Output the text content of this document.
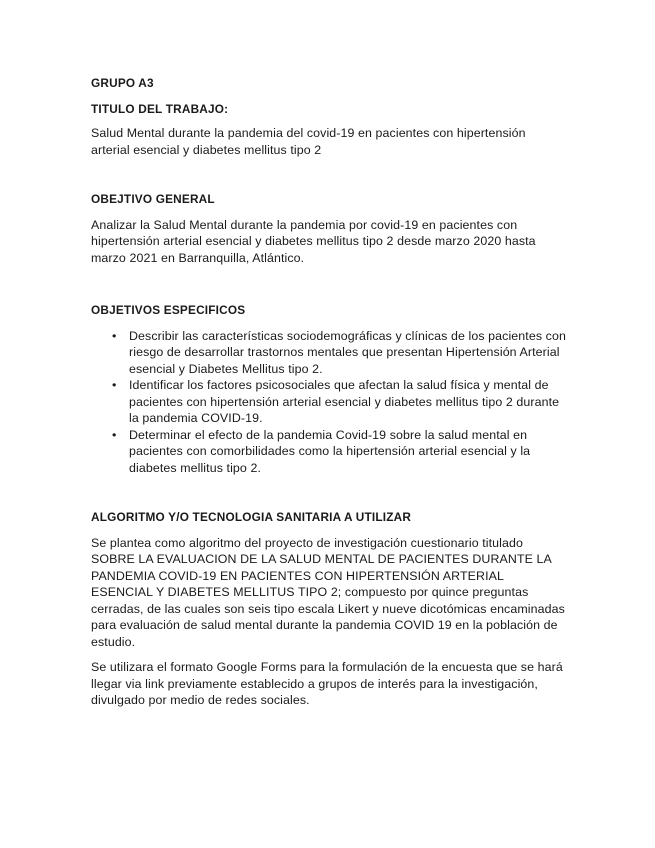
GRUPO A3

TITULO DEL TRABAJO:

Salud Mental durante la pandemia del covid-19 en pacientes con hipertensión arterial esencial y diabetes mellitus tipo 2

OBEJTIVO GENERAL

Analizar la Salud Mental durante la pandemia por covid-19 en pacientes con hipertensión arterial esencial y diabetes mellitus tipo 2 desde marzo 2020 hasta marzo 2021 en Barranquilla, Atlántico.

OBJETIVOS ESPECIFICOS

• Describir las características sociodemográficas y clínicas de los pacientes con riesgo de desarrollar trastornos mentales que presentan Hipertensión Arterial esencial y Diabetes Mellitus tipo 2.
• Identificar los factores psicosociales que afectan la salud física y mental de pacientes con hipertensión arterial esencial y diabetes mellitus tipo 2 durante la pandemia COVID-19.
• Determinar el efecto de la pandemia Covid-19 sobre la salud mental en pacientes con comorbilidades como la hipertensión arterial esencial y la diabetes mellitus tipo 2.

ALGORITMO Y/O TECNOLOGIA SANITARIA A UTILIZAR

Se plantea como algoritmo del proyecto de investigación cuestionario titulado SOBRE LA EVALUACION DE LA SALUD MENTAL DE PACIENTES DURANTE LA PANDEMIA COVID-19 EN PACIENTES CON HIPERTENSIÓN ARTERIAL ESENCIAL Y DIABETES MELLITUS TIPO 2; compuesto por quince preguntas cerradas, de las cuales son seis tipo escala Likert y nueve dicotómicas encaminadas para evaluación de salud mental durante la pandemia COVID 19 en la población de estudio.

Se utilizara el formato Google Forms para la formulación de la encuesta que se hará llegar via link previamente establecido a grupos de interés para la investigación, divulgado por medio de redes sociales.
